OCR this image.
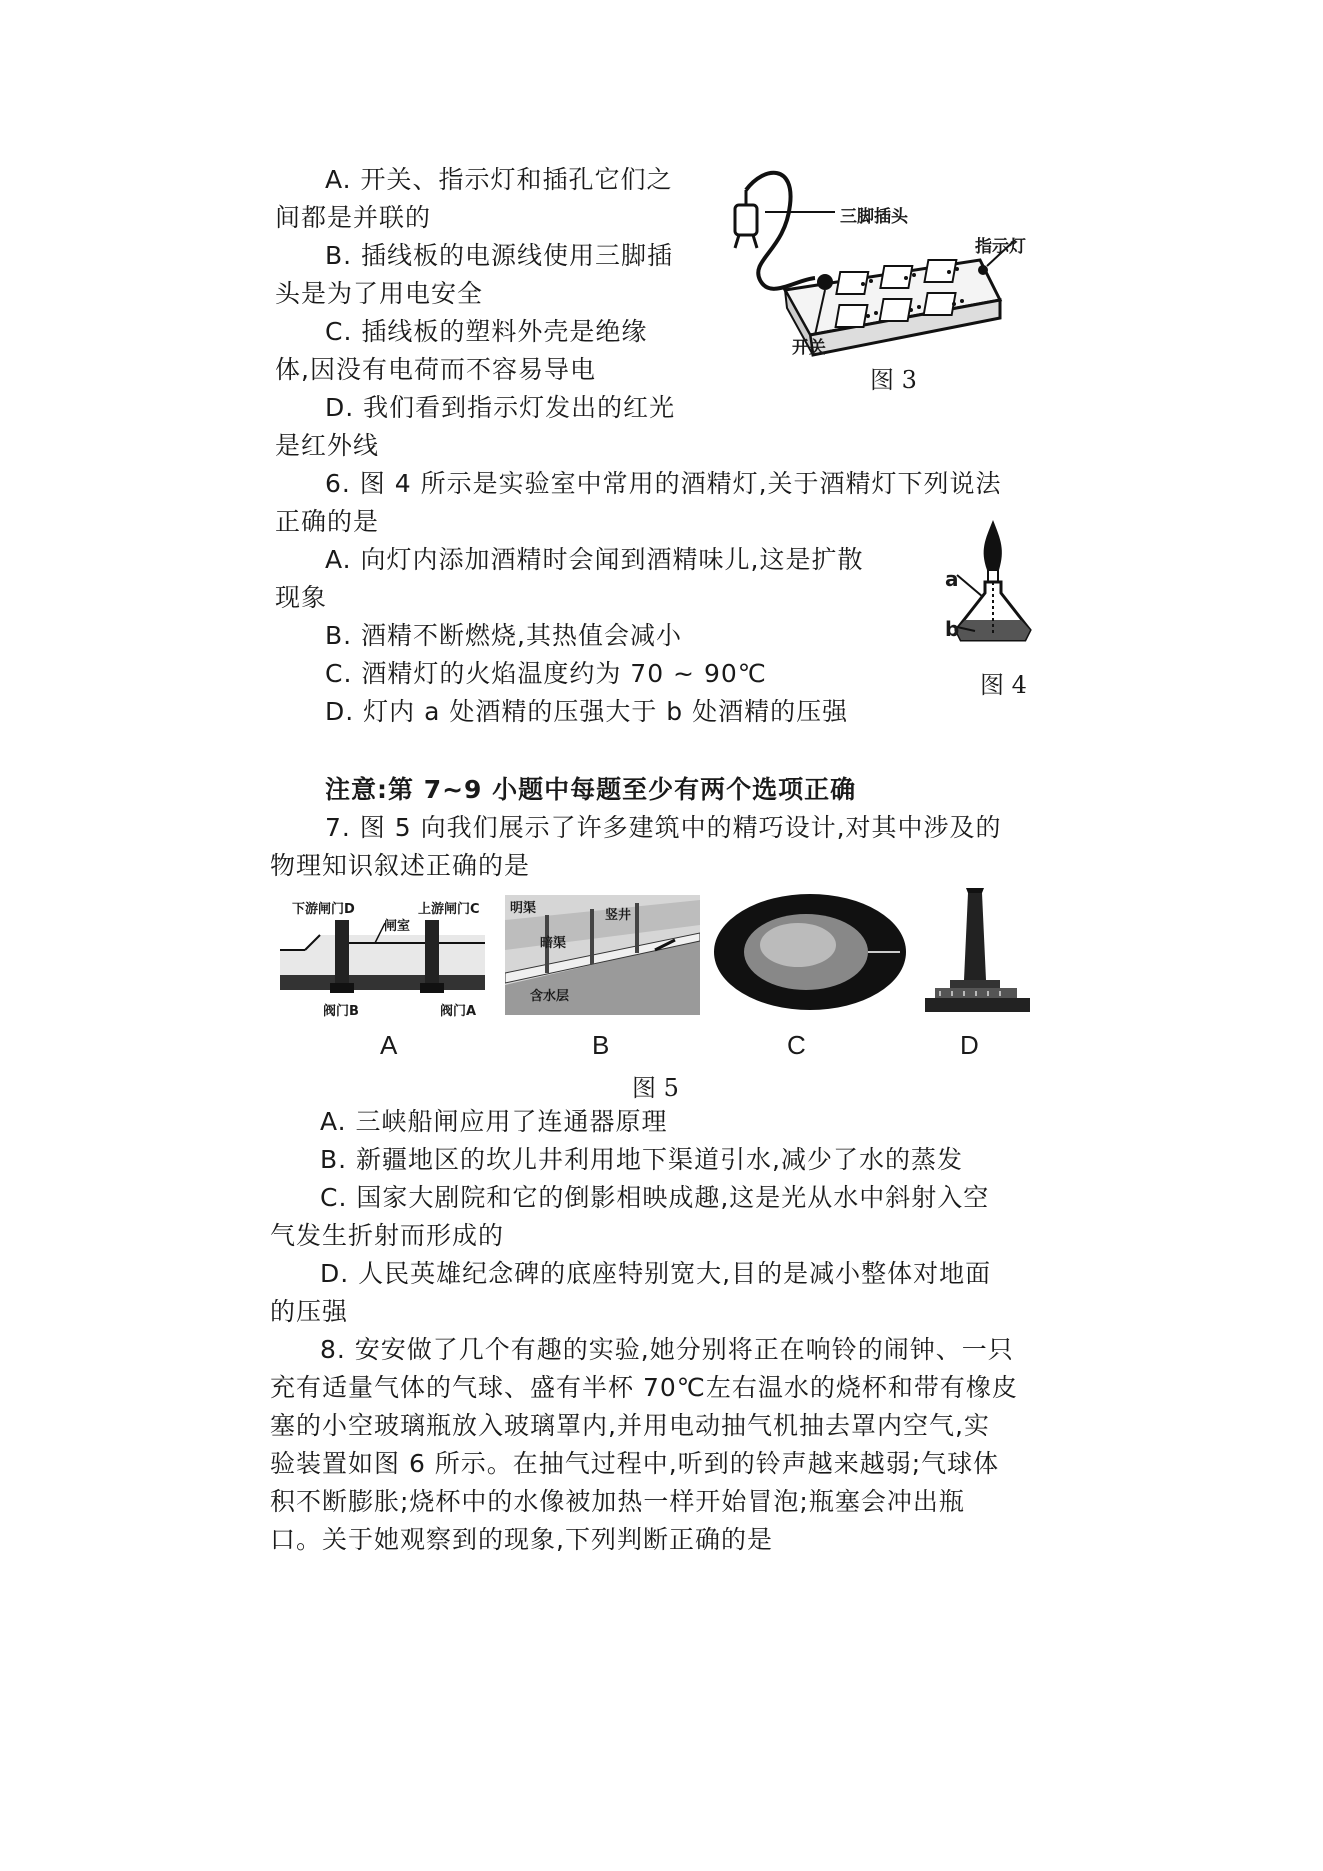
A. 开关、指示灯和插孔它们之
间都是并联的
B. 插线板的电源线使用三脚插
头是为了用电安全
C. 插线板的塑料外壳是绝缘
体,因没有电荷而不容易导电
D. 我们看到指示灯发出的红光
是红外线
三脚插头
指示灯
开关
图 3
6. 图 4 所示是实验室中常用的酒精灯,关于酒精灯下列说法
正确的是
A. 向灯内添加酒精时会闻到酒精味儿,这是扩散
现象
B. 酒精不断燃烧,其热值会减小
C. 酒精灯的火焰温度约为 70 ~ 90℃
D. 灯内 a 处酒精的压强大于 b 处酒精的压强
a
b
图 4
注意:第 7~9 小题中每题至少有两个选项正确
7. 图 5 向我们展示了许多建筑中的精巧设计,对其中涉及的
物理知识叙述正确的是
下游闸门D	上游闸门C
闸室
阀门B	阀门A
明渠	竖井
暗渠
含水层
A	B	C	D
图 5
A. 三峡船闸应用了连通器原理
B. 新疆地区的坎儿井利用地下渠道引水,减少了水的蒸发
C. 国家大剧院和它的倒影相映成趣,这是光从水中斜射入空
气发生折射而形成的
D. 人民英雄纪念碑的底座特别宽大,目的是减小整体对地面
的压强
8. 安安做了几个有趣的实验,她分别将正在响铃的闹钟、一只
充有适量气体的气球、盛有半杯 70℃左右温水的烧杯和带有橡皮
塞的小空玻璃瓶放入玻璃罩内,并用电动抽气机抽去罩内空气,实
验装置如图 6 所示。在抽气过程中,听到的铃声越来越弱;气球体
积不断膨胀;烧杯中的水像被加热一样开始冒泡;瓶塞会冲出瓶
口。关于她观察到的现象,下列判断正确的是
